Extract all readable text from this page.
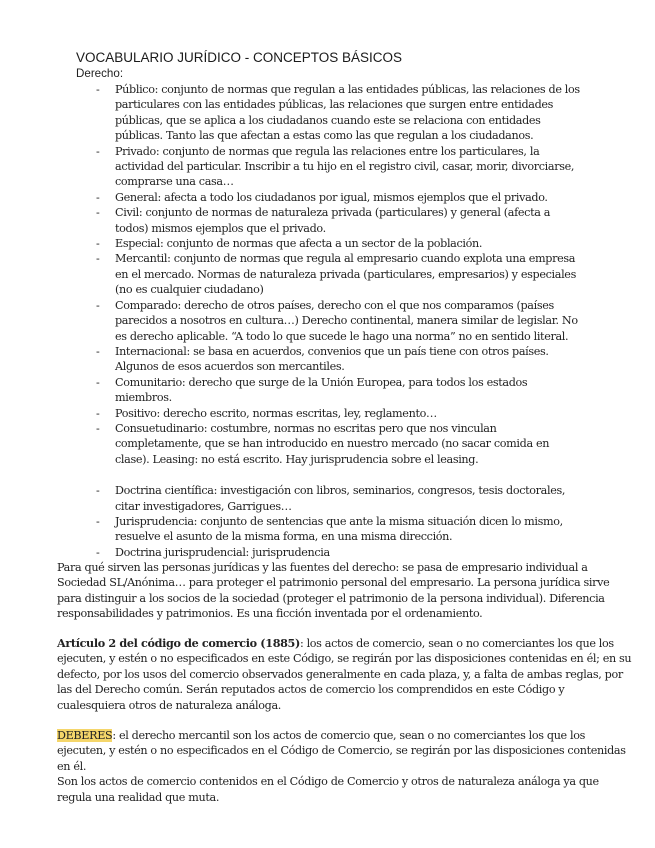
VOCABULARIO JURÍDICO - CONCEPTOS BÁSICOS
Derecho:
- Público: conjunto de normas que regulan a las entidades públicas, las relaciones de los particulares con las entidades públicas, las relaciones que surgen entre entidades públicas, que se aplica a los ciudadanos cuando este se relaciona con entidades públicas. Tanto las que afectan a estas como las que regulan a los ciudadanos.
- Privado: conjunto de normas que regula las relaciones entre los particulares, la actividad del particular. Inscribir a tu hijo en el registro civil, casar, morir, divorciarse, comprarse una casa…
- General: afecta a todo los ciudadanos por igual, mismos ejemplos que el privado.
- Civil: conjunto de normas de naturaleza privada (particulares) y general (afecta a todos) mismos ejemplos que el privado.
- Especial: conjunto de normas que afecta a un sector de la población.
- Mercantil: conjunto de normas que regula al empresario cuando explota una empresa en el mercado. Normas de naturaleza privada (particulares, empresarios) y especiales (no es cualquier ciudadano)
- Comparado: derecho de otros países, derecho con el que nos comparamos (países parecidos a nosotros en cultura…) Derecho continental, manera similar de legislar. No es derecho aplicable. “A todo lo que sucede le hago una norma” no en sentido literal.
- Internacional: se basa en acuerdos, convenios que un país tiene con otros países. Algunos de esos acuerdos son mercantiles.
- Comunitario: derecho que surge de la Unión Europea, para todos los estados miembros.
- Positivo: derecho escrito, normas escritas, ley, reglamento…
- Consuetudinario: costumbre, normas no escritas pero que nos vinculan completamente, que se han introducido en nuestro mercado (no sacar comida en clase). Leasing: no está escrito. Hay jurisprudencia sobre el leasing.
- Doctrina científica: investigación con libros, seminarios, congresos, tesis doctorales, citar investigadores, Garrigues…
- Jurisprudencia: conjunto de sentencias que ante la misma situación dicen lo mismo, resuelve el asunto de la misma forma, en una misma dirección.
- Doctrina jurisprudencial: jurisprudencia

Para qué sirven las personas jurídicas y las fuentes del derecho: se pasa de empresario individual a Sociedad SL/Anónima… para proteger el patrimonio personal del empresario. La persona jurídica sirve para distinguir a los socios de la sociedad (proteger el patrimonio de la persona individual). Diferencia responsabilidades y patrimonios. Es una ficción inventada por el ordenamiento.

Artículo 2 del código de comercio (1885): los actos de comercio, sean o no comerciantes los que los ejecuten, y estén o no especificados en este Código, se regirán por las disposiciones contenidas en él; en su defecto, por los usos del comercio observados generalmente en cada plaza, y, a falta de ambas reglas, por las del Derecho común. Serán reputados actos de comercio los comprendidos en este Código y cualesquiera otros de naturaleza análoga.

DEBERES: el derecho mercantil son los actos de comercio que, sean o no comerciantes los que los ejecuten, y estén o no especificados en el Código de Comercio, se regirán por las disposiciones contenidas en él.
Son los actos de comercio contenidos en el Código de Comercio y otros de naturaleza análoga ya que regula una realidad que muta.
